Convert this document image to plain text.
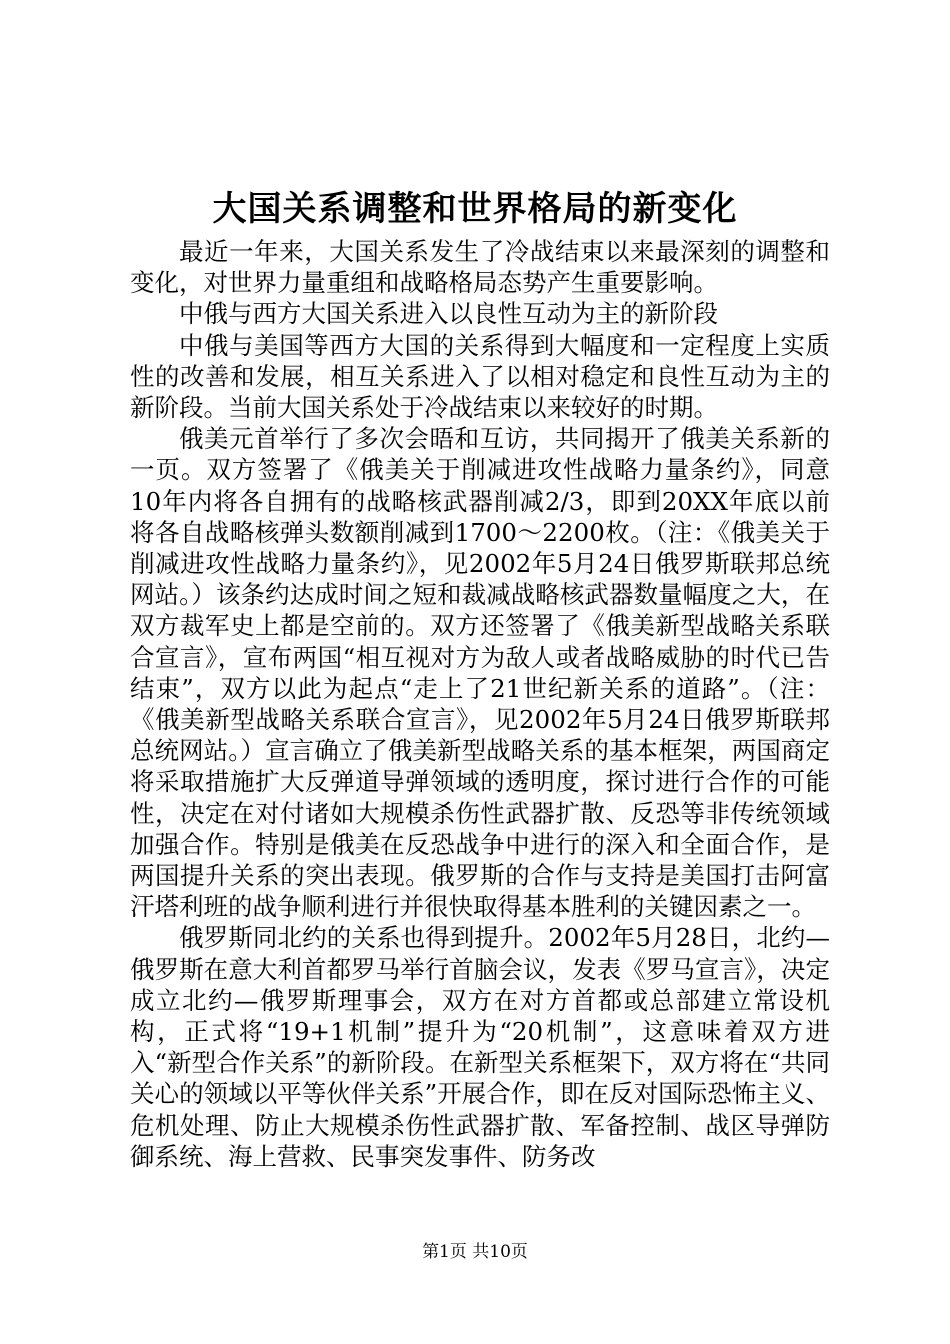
大国关系调整和世界格局的新变化

最近一年来，大国关系发生了冷战结束以来最深刻的调整和变化，对世界力量重组和战略格局态势产生重要影响。

中俄与西方大国关系进入以良性互动为主的新阶段

中俄与美国等西方大国的关系得到大幅度和一定程度上实质性的改善和发展，相互关系进入了以相对稳定和良性互动为主的新阶段。当前大国关系处于冷战结束以来较好的时期。

俄美元首举行了多次会晤和互访，共同揭开了俄美关系新的一页。双方签署了《俄美关于削减进攻性战略力量条约》，同意10年内将各自拥有的战略核武器削减2/3，即到20XX年底以前将各自战略核弹头数额削减到1700～2200枚。（注：《俄美关于削减进攻性战略力量条约》，见2002年5月24日俄罗斯联邦总统网站。）该条约达成时间之短和裁减战略核武器数量幅度之大，在双方裁军史上都是空前的。双方还签署了《俄美新型战略关系联合宣言》，宣布两国“相互视对方为敌人或者战略威胁的时代已告结束”，双方以此为起点“走上了21世纪新关系的道路”。（注：《俄美新型战略关系联合宣言》，见2002年5月24日俄罗斯联邦总统网站。）宣言确立了俄美新型战略关系的基本框架，两国商定将采取措施扩大反弹道导弹领域的透明度，探讨进行合作的可能性，决定在对付诸如大规模杀伤性武器扩散、反恐等非传统领域加强合作。特别是俄美在反恐战争中进行的深入和全面合作，是两国提升关系的突出表现。俄罗斯的合作与支持是美国打击阿富汗塔利班的战争顺利进行并很快取得基本胜利的关键因素之一。

俄罗斯同北约的关系也得到提升。2002年5月28日，北约—俄罗斯在意大利首都罗马举行首脑会议，发表《罗马宣言》，决定成立北约—俄罗斯理事会，双方在对方首都或总部建立常设机构，正式将“19+1机制”提升为“20机制”，这意味着双方进入“新型合作关系”的新阶段。在新型关系框架下，双方将在“共同关心的领域以平等伙伴关系”开展合作，即在反对国际恐怖主义、危机处理、防止大规模杀伤性武器扩散、军备控制、战区导弹防御系统、海上营救、民事突发事件、防务改

第1页 共10页
